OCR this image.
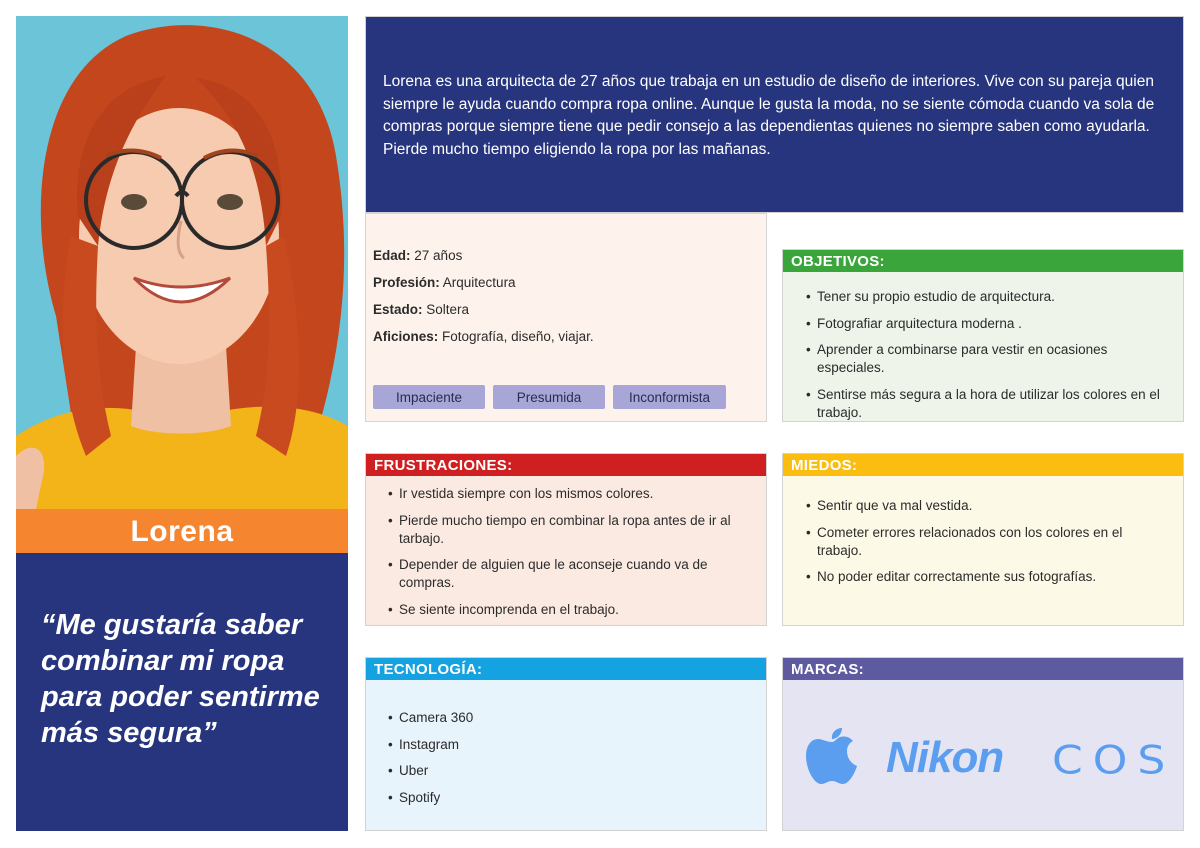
Lorena
“Me gustaría saber combinar mi ropa para poder sentirme más segura”
Lorena es una arquitecta de 27 años que trabaja en un estudio de diseño de interiores. Vive con su pareja quien siempre le ayuda cuando compra ropa online. Aunque le gusta la moda, no se siente cómoda cuando va sola de compras porque siempre tiene que pedir consejo a las dependientas quienes no siempre saben como ayudarla. Pierde mucho tiempo eligiendo la ropa por las mañanas.
Edad: 27 años
Profesión: Arquitectura
Estado: Soltera
Aficiones: Fotografía, diseño, viajar.
Impaciente	Presumida	Inconformista
OBJETIVOS:
• Tener su propio estudio de arquitectura.
• Fotografiar arquitectura moderna .
• Aprender a combinarse para vestir en ocasiones especiales.
• Sentirse más segura a la hora de utilizar los colores en el trabajo.
FRUSTRACIONES:
• Ir vestida siempre con los mismos colores.
• Pierde mucho tiempo en combinar la ropa antes de ir al tarbajo.
• Depender de alguien que le aconseje cuando va de compras.
• Se siente incomprenda en el trabajo.
MIEDOS:
• Sentir que va mal vestida.
• Cometer errores relacionados con los colores en el trabajo.
• No poder editar correctamente sus fotografías.
TECNOLOGÍA:
• Camera 360
• Instagram
• Uber
• Spotify
MARCAS:
Nikon COS
